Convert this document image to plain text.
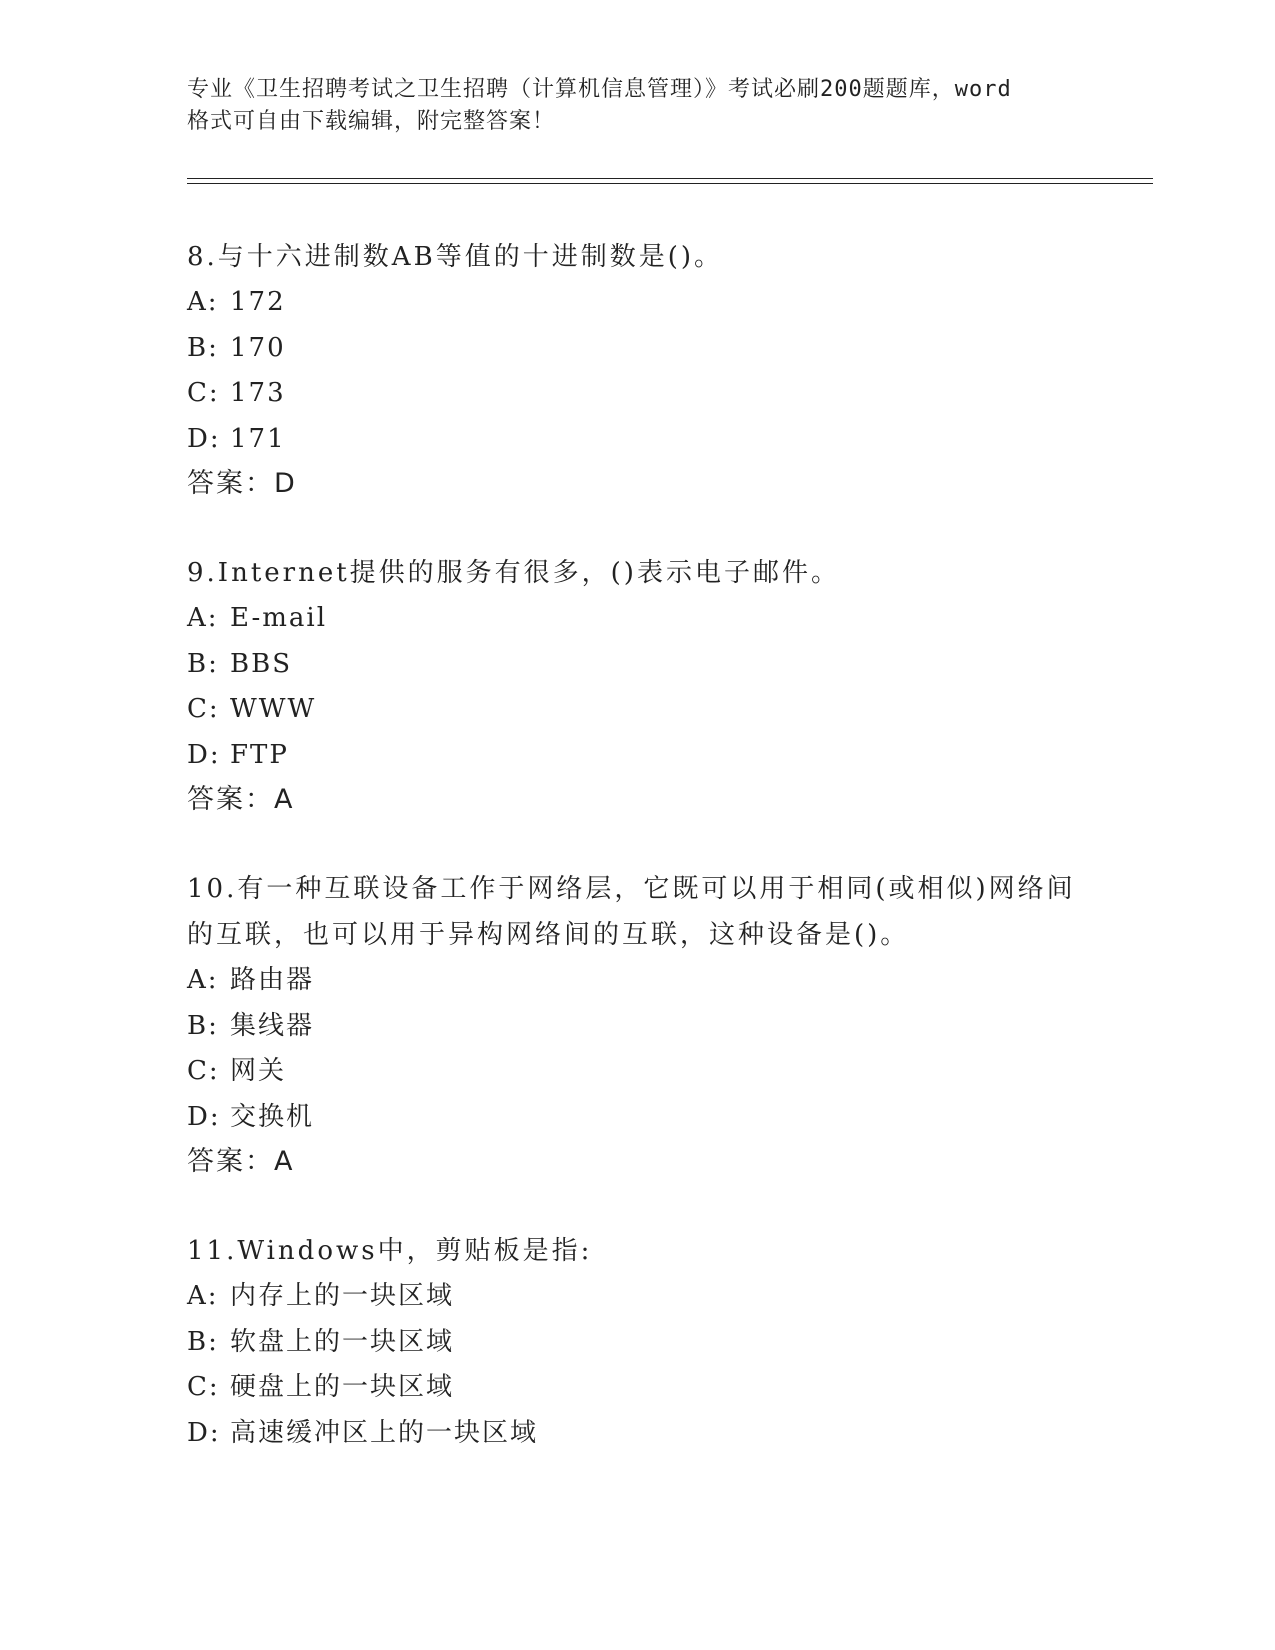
专业《卫生招聘考试之卫生招聘（计算机信息管理）》考试必刷200题题库，word
格式可自由下载编辑，附完整答案！
8.与十六进制数AB等值的十进制数是()。
A: 172
B: 170
C: 173
D: 171
答案：D
9.Internet提供的服务有很多，()表示电子邮件。
A: E-mail
B: BBS
C: WWW
D: FTP
答案：A
10.有一种互联设备工作于网络层，它既可以用于相同(或相似)网络间的互联，也可以用于异构网络间的互联，这种设备是()。
A: 路由器
B: 集线器
C: 网关
D: 交换机
答案：A
11.Windows中，剪贴板是指:
A: 内存上的一块区域
B: 软盘上的一块区域
C: 硬盘上的一块区域
D: 高速缓冲区上的一块区域
